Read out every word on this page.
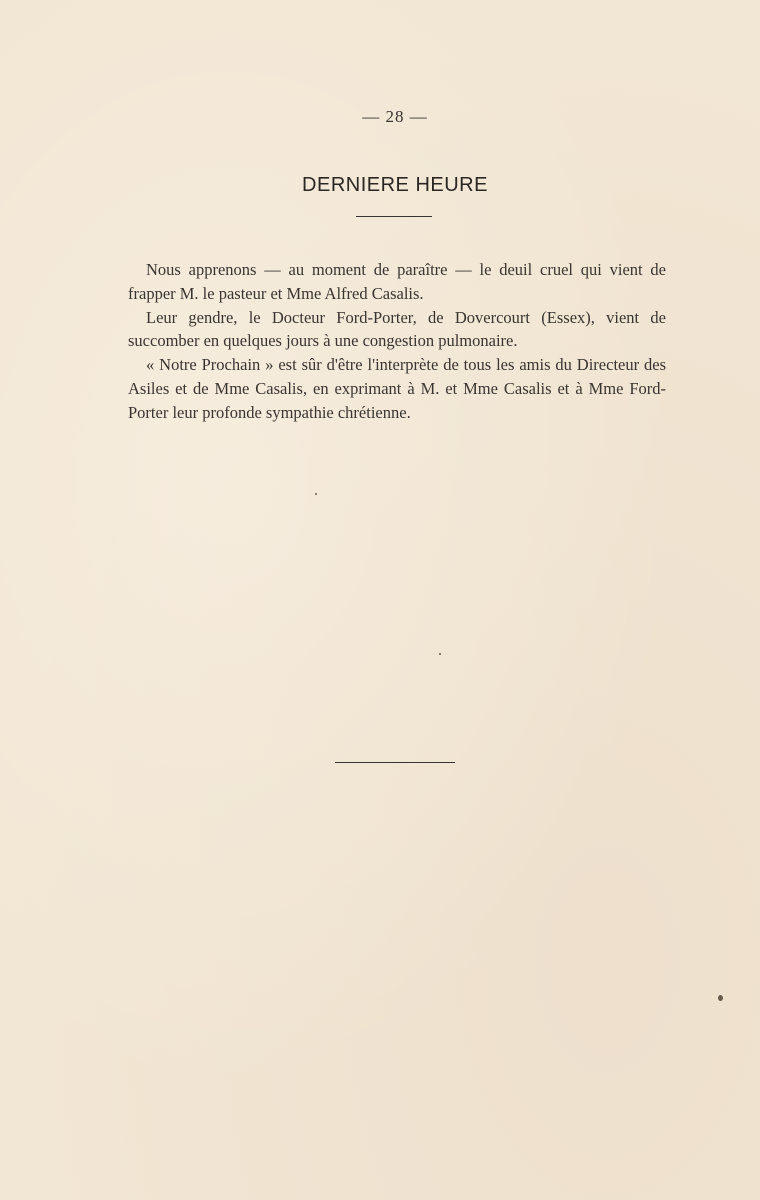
— 28 —
DERNIERE HEURE

Nous apprenons — au moment de paraître — le deuil cruel qui vient de frapper M. le pasteur et Mme Alfred Casalis.

Leur gendre, le Docteur Ford-Porter, de Dovercourt (Essex), vient de succomber en quelques jours à une congestion pulmonaire.

« Notre Prochain » est sûr d'être l'interprète de tous les amis du Directeur des Asiles et de Mme Casalis, en exprimant à M. et Mme Casalis et à Mme Ford-Porter leur profonde sympathie chrétienne.
